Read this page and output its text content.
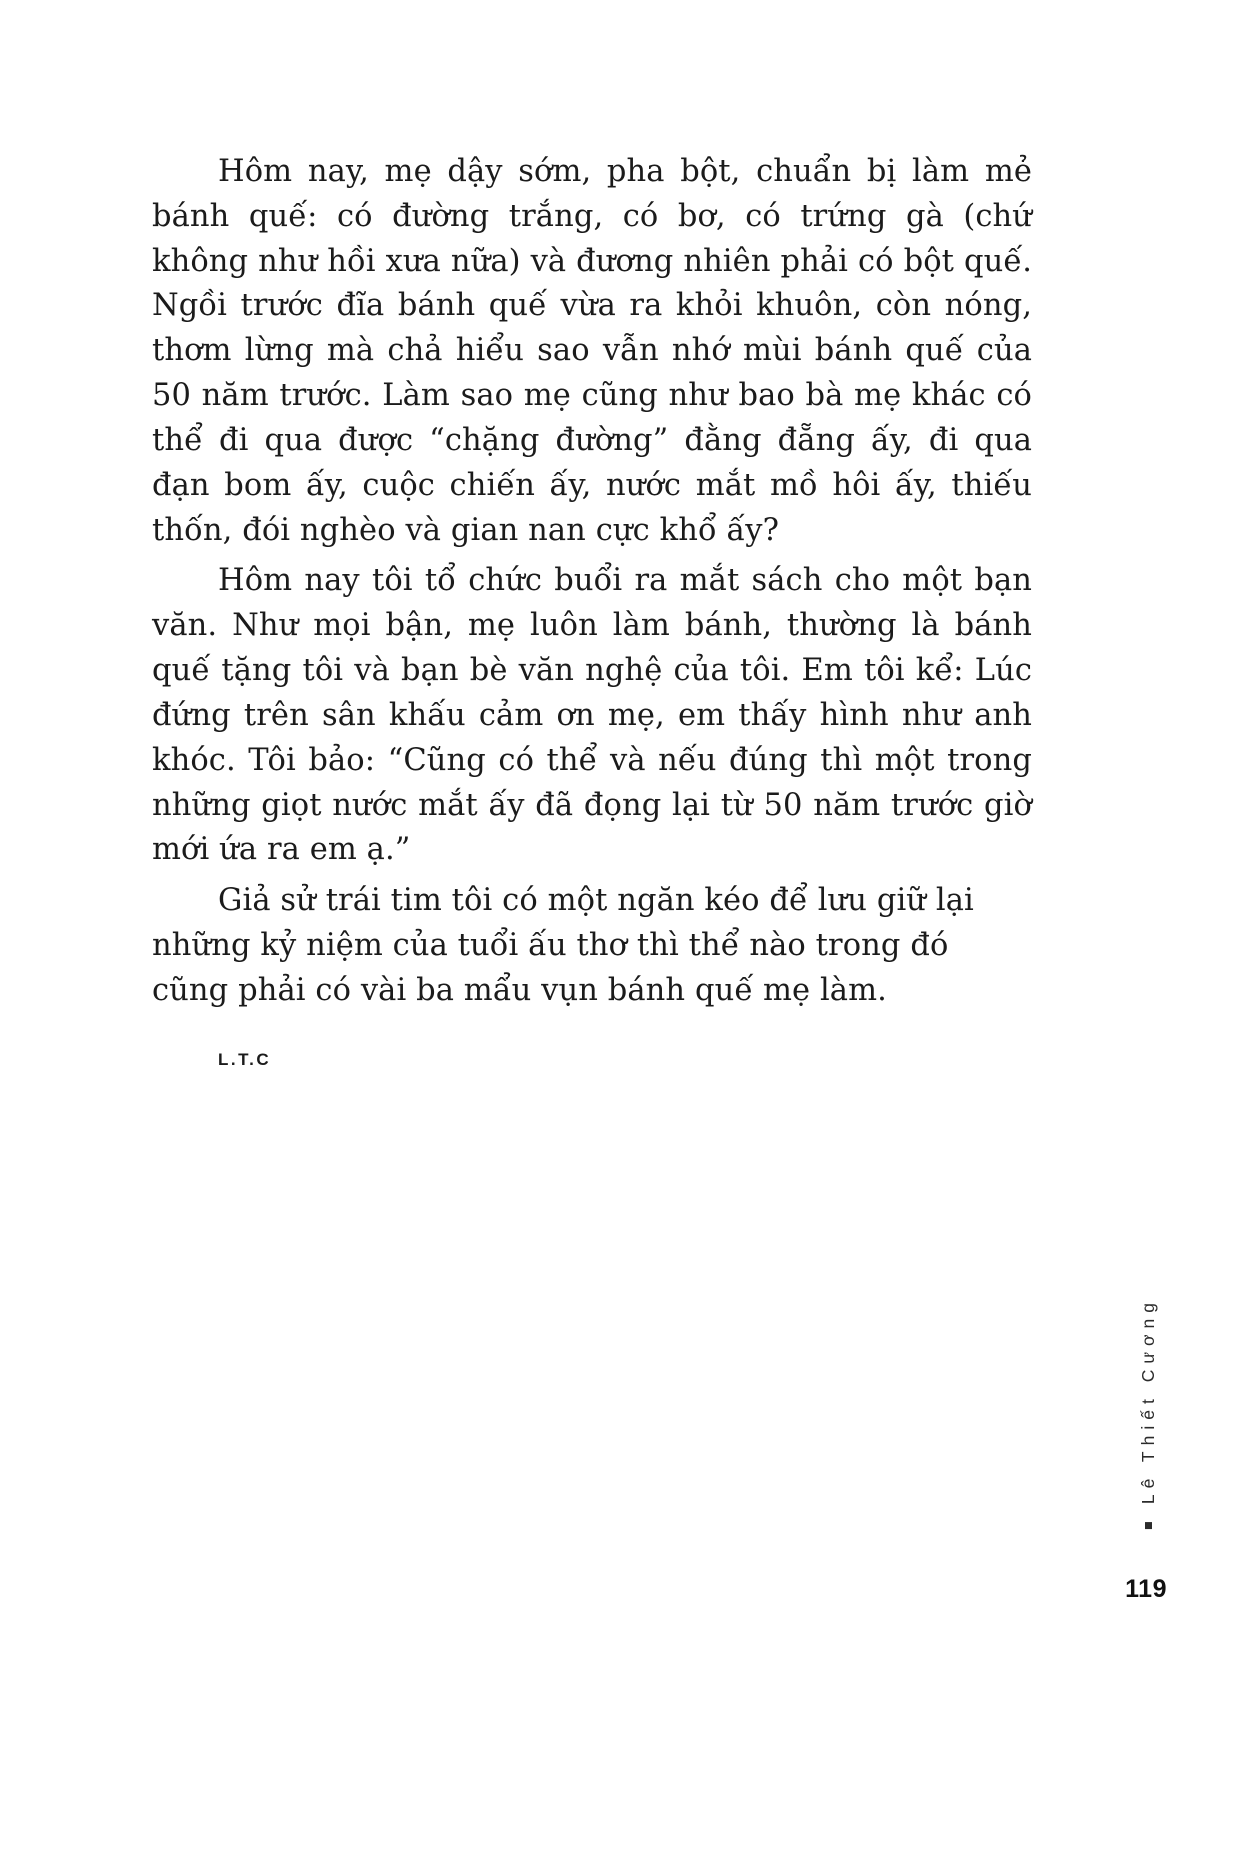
Hôm nay, mẹ dậy sớm, pha bột, chuẩn bị làm mẻ bánh quế: có đường trắng, có bơ, có trứng gà (chứ không như hồi xưa nữa) và đương nhiên phải có bột quế. Ngồi trước đĩa bánh quế vừa ra khỏi khuôn, còn nóng, thơm lừng mà chả hiểu sao vẫn nhớ mùi bánh quế của 50 năm trước. Làm sao mẹ cũng như bao bà mẹ khác có thể đi qua được “chặng đường” đằng đẵng ấy, đi qua đạn bom ấy, cuộc chiến ấy, nước mắt mồ hôi ấy, thiếu thốn, đói nghèo và gian nan cực khổ ấy?

Hôm nay tôi tổ chức buổi ra mắt sách cho một bạn văn. Như mọi bận, mẹ luôn làm bánh, thường là bánh quế tặng tôi và bạn bè văn nghệ của tôi. Em tôi kể: Lúc đứng trên sân khấu cảm ơn mẹ, em thấy hình như anh khóc. Tôi bảo: “Cũng có thể và nếu đúng thì một trong những giọt nước mắt ấy đã đọng lại từ 50 năm trước giờ mới ứa ra em ạ.”

Giả sử trái tim tôi có một ngăn kéo để lưu giữ lại những kỷ niệm của tuổi ấu thơ thì thể nào trong đó cũng phải có vài ba mẩu vụn bánh quế mẹ làm.

L.T.C
Lê Thiết Cương
119
